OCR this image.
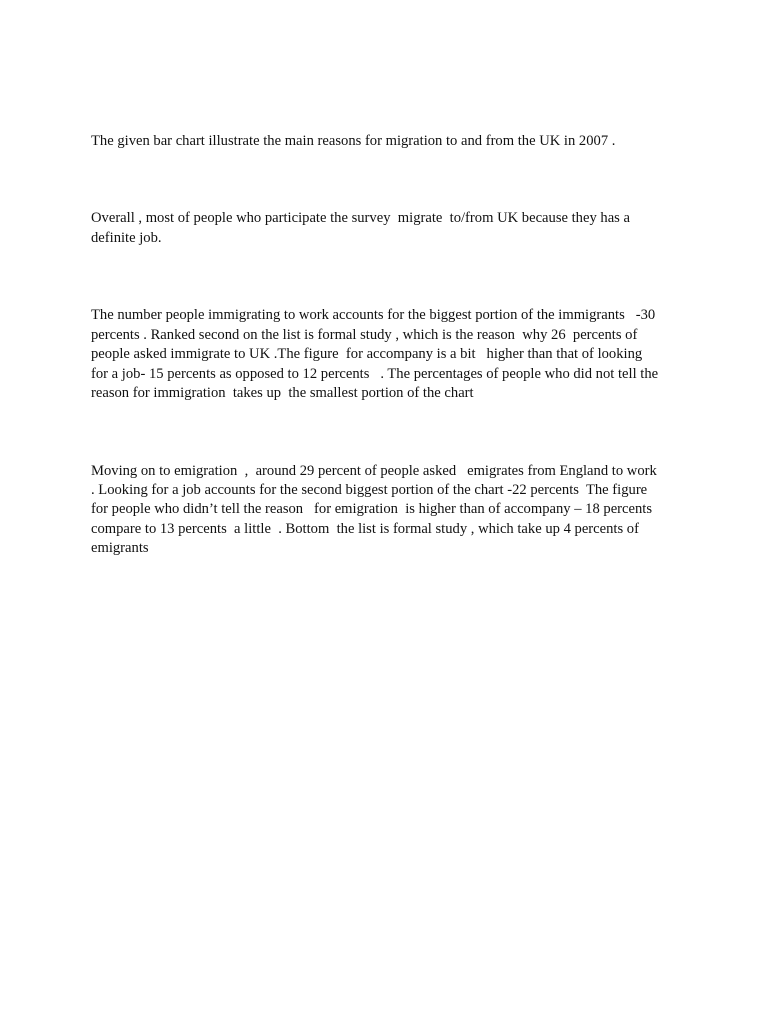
The given bar chart illustrate the main reasons for migration to and from the UK in 2007 .

Overall , most of people who participate the survey  migrate  to/from UK because they has a
definite job.

The number people immigrating to work accounts for the biggest portion of the immigrants   -30
percents . Ranked second on the list is formal study , which is the reason  why 26  percents of
people asked immigrate to UK .The figure  for accompany is a bit   higher than that of looking
for a job- 15 percents as opposed to 12 percents   . The percentages of people who did not tell the
reason for immigration  takes up  the smallest portion of the chart

Moving on to emigration  ,  around 29 percent of people asked   emigrates from England to work
. Looking for a job accounts for the second biggest portion of the chart -22 percents  The figure
for people who didn’t tell the reason   for emigration  is higher than of accompany – 18 percents
compare to 13 percents  a little  . Bottom  the list is formal study , which take up 4 percents of
emigrants
